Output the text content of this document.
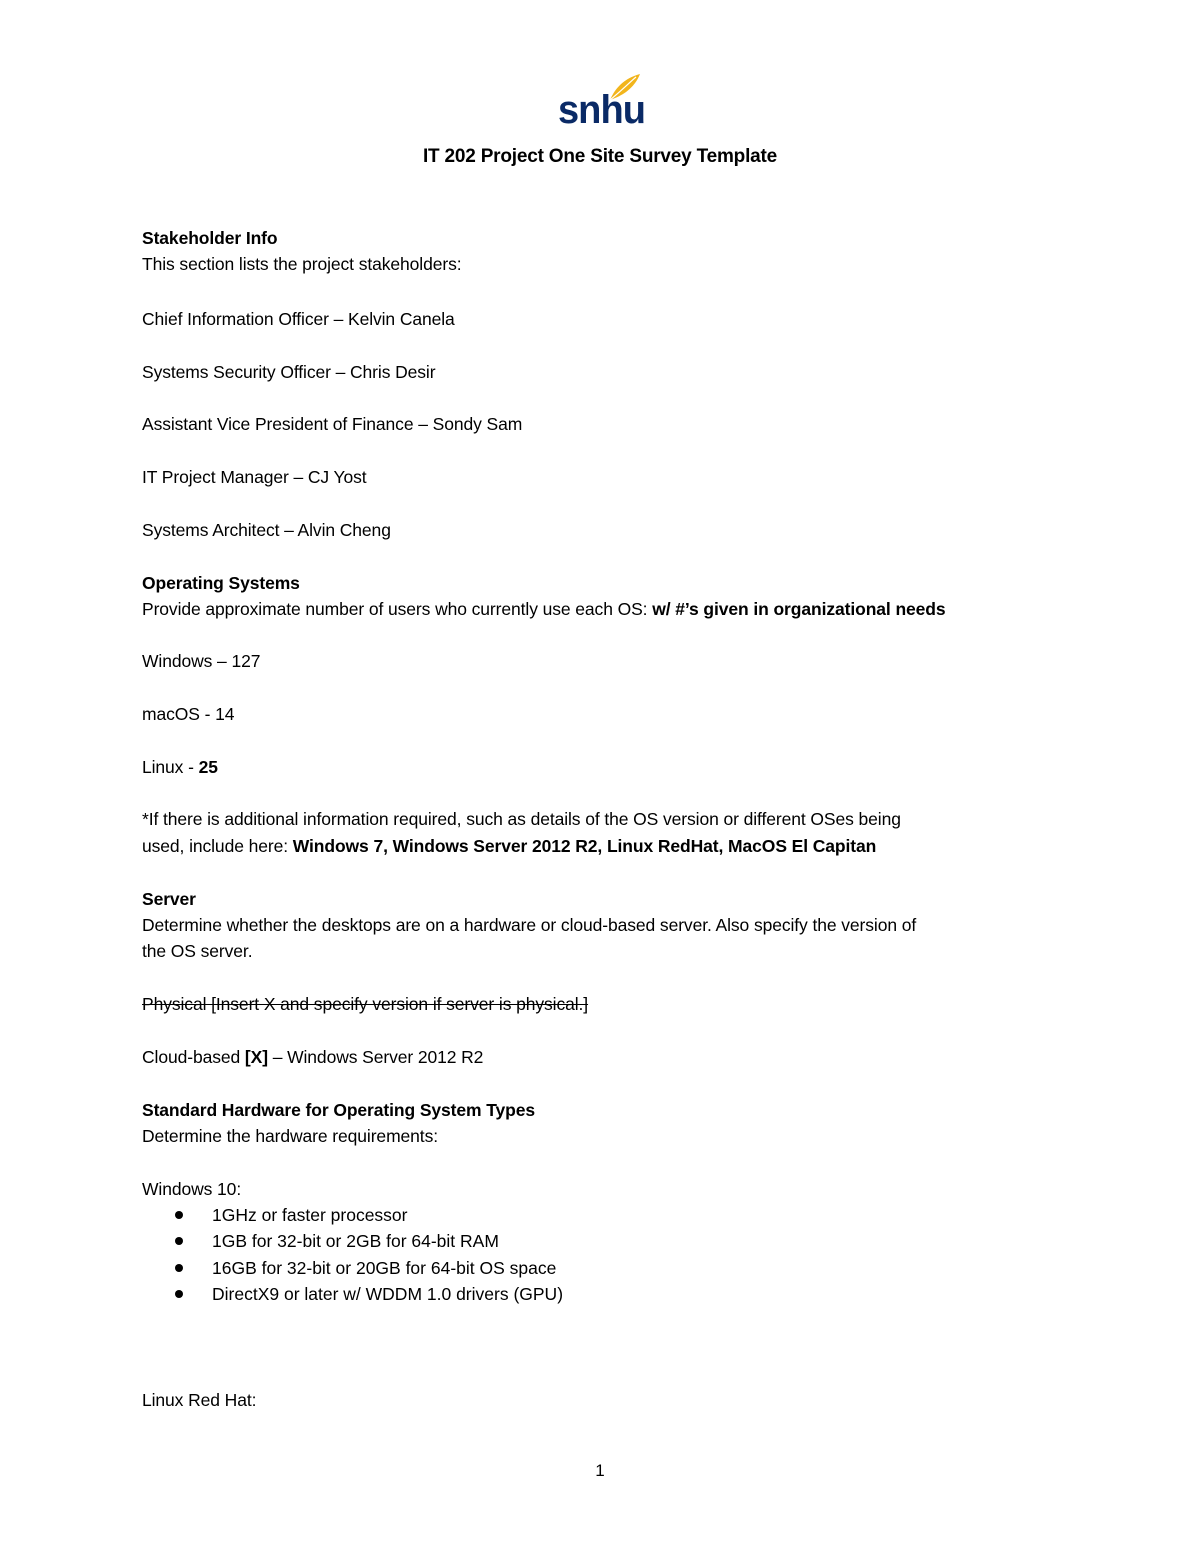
snhu
IT 202 Project One Site Survey Template
Stakeholder Info
This section lists the project stakeholders:
Chief Information Officer – Kelvin Canela
Systems Security Officer – Chris Desir
Assistant Vice President of Finance – Sondy Sam
IT Project Manager – CJ Yost
Systems Architect – Alvin Cheng
Operating Systems
Provide approximate number of users who currently use each OS: w/ #’s given in organizational needs
Windows – 127
macOS - 14
Linux - 25
*If there is additional information required, such as details of the OS version or different OSes being
used, include here: Windows 7, Windows Server 2012 R2, Linux RedHat, MacOS El Capitan
Server
Determine whether the desktops are on a hardware or cloud-based server. Also specify the version of
the OS server.
Physical [Insert X and specify version if server is physical.]
Cloud-based [X] – Windows Server 2012 R2
Standard Hardware for Operating System Types
Determine the hardware requirements:
Windows 10:
1GHz or faster processor
1GB for 32-bit or 2GB for 64-bit RAM
16GB for 32-bit or 20GB for 64-bit OS space
DirectX9 or later w/ WDDM 1.0 drivers (GPU)
Linux Red Hat:
1
